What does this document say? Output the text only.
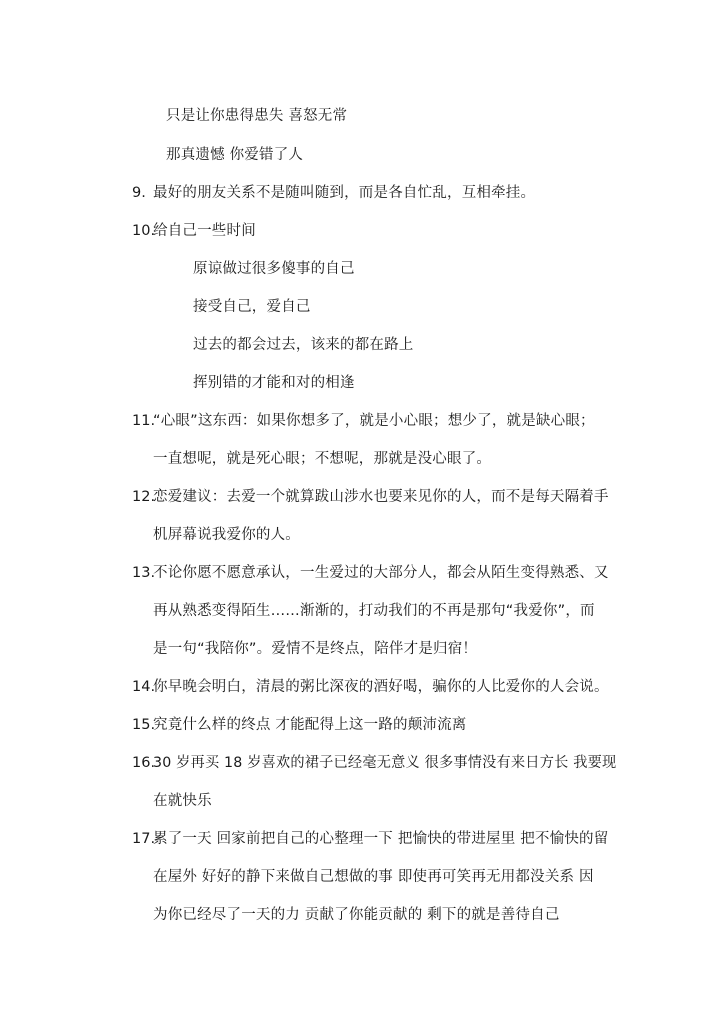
只是让你患得患失 喜怒无常
那真遗憾 你爱错了人
9. 最好的朋友关系不是随叫随到，而是各自忙乱，互相牵挂。
10.
给自己一些时间
原谅做过很多傻事的自己
接受自己，爱自己
过去的都会过去，该来的都在路上
挥别错的才能和对的相逢
11.
“心眼”这东西：如果你想多了，就是小心眼；想少了，就是缺心眼；
一直想呢，就是死心眼；不想呢，那就是没心眼了。
12.
恋爱建议：去爱一个就算跋山涉水也要来见你的人，而不是每天隔着手
机屏幕说我爱你的人。
13.
不论你愿不愿意承认，一生爱过的大部分人，都会从陌生变得熟悉、又
再从熟悉变得陌生……渐渐的，打动我们的不再是那句“我爱你”，而
是一句“我陪你”。爱情不是终点，陪伴才是归宿！
14.
你早晚会明白，清晨的粥比深夜的酒好喝，骗你的人比爱你的人会说。
15.
究竟什么样的终点 才能配得上这一路的颠沛流离
16.
30 岁再买 18 岁喜欢的裙子已经毫无意义 很多事情没有来日方长 我要现
在就快乐
17.
累了一天 回家前把自己的心整理一下 把愉快的带进屋里 把不愉快的留
在屋外 好好的静下来做自己想做的事 即使再可笑再无用都没关系 因
为你已经尽了一天的力 贡献了你能贡献的 剩下的就是善待自己
